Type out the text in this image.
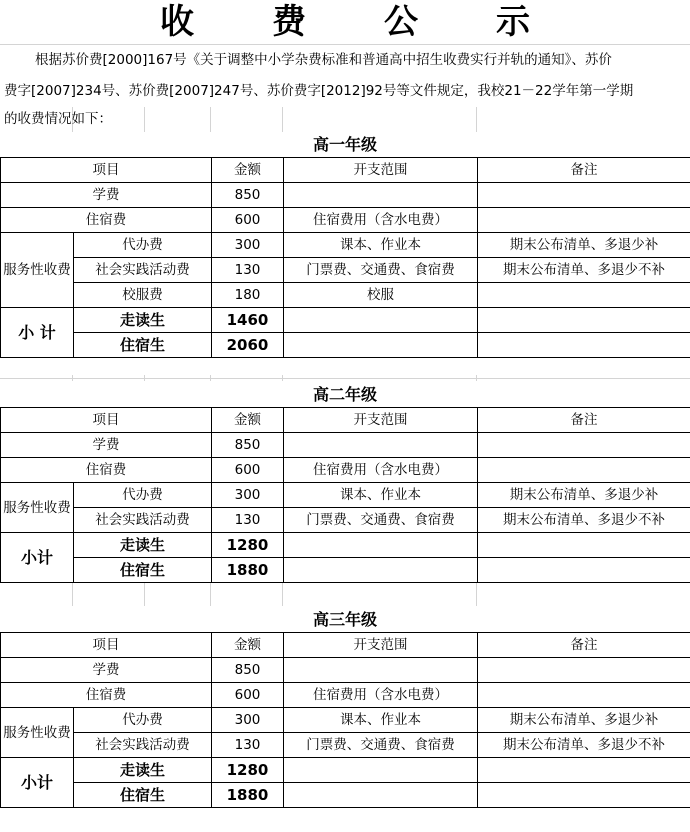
收 费 公 示
根据苏价费[2000]167号《关于调整中小学杂费标准和普通高中招生收费实行并轨的通知》、苏价
费字[2007]234号、苏价费[2007]247号、苏价费字[2012]92号等文件规定，我校21－22学年第一学期
的收费情况如下：
高一年级
项目		金额	开支范围	备注
学费		850		
住宿费		600	住宿费用（含水电费）	
服务性收费	代办费	300	课本、作业本	期末公布清单、多退少补
	社会实践活动费	130	门票费、交通费、食宿费	期末公布清单、多退少不补
	校服费	180	校服	
小 计	走读生	1460		
	住宿生	2060		
高二年级
项目		金额	开支范围	备注
学费		850		
住宿费		600	住宿费用（含水电费）	
服务性收费	代办费	300	课本、作业本	期末公布清单、多退少补
	社会实践活动费	130	门票费、交通费、食宿费	期末公布清单、多退少不补
小计	走读生	1280		
	住宿生	1880		
高三年级
项目		金额	开支范围	备注
学费		850		
住宿费		600	住宿费用（含水电费）	
服务性收费	代办费	300	课本、作业本	期末公布清单、多退少补
	社会实践活动费	130	门票费、交通费、食宿费	期末公布清单、多退少不补
小计	走读生	1280		
	住宿生	1880		
